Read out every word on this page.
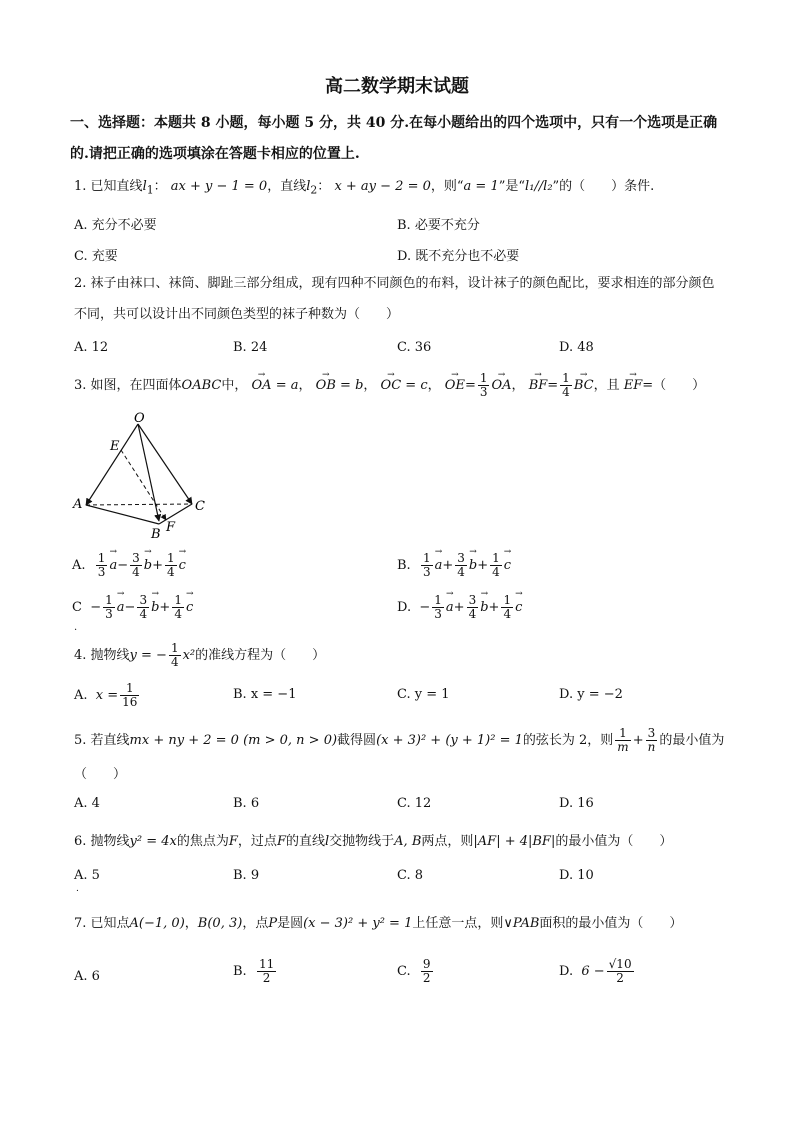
高二数学期末试题
一、选择题：本题共 8 小题，每小题 5 分，共 40 分.在每小题给出的四个选项中，只有一个选项是正确的.请把正确的选项填涂在答题卡相应的位置上.
1. 已知直线$l_1$： ax + y − 1 = 0，直线$l_2$： x + ay − 2 = 0，则“a = 1”是“l₁//l₂”的（　　）条件.
A. 充分不必要	B. 必要不充分
C. 充要	D. 既不充分也不必要
2. 袜子由袜口、袜筒、脚趾三部分组成，现有四种不同颜色的布料，设计袜子的颜色配比，要求相连的部分颜色不同，共可以设计出不同颜色类型的袜子种数为（　　）
A. 12	B. 24	C. 36	D. 48
3. 如图，在四面体OABC中， → OA = a， → OB = b， → OC = c， → $OE= \frac{1}{3}$
→ OA， → $BF= \frac{1}{4}$
→ BC，且 → EF=（　　）
O
E
A
B
C
F
A. $\frac{1}{3}$
→ $a- \frac{3}{4}$
→ $b+ \frac{1}{4}$
→ c	B. $\frac{1}{3}$
→ $a+ \frac{3}{4}$
→ $b+ \frac{1}{4}$
→ c
$C - \frac{1}{3}$
→ $a- \frac{3}{4}$
→ $b+ \frac{1}{4}$
→ c
.
D.  − $\frac{1}{3}$
→ $a+ \frac{3}{4}$
→ $b+ \frac{1}{4}$
→ c
4. 抛物线y = − $\frac{1}{4} x^2$的准线方程为（　　）
A. $x = \frac{1}{16}$	B. x = −1	C. y = 1	D. y = −2
5. 若直线mx + ny + 2 = 0 (m > 0, n > 0)截得圆(x + 3)² + (y + 1)² = 1的弦长为 2，则 $\frac{1}{m} + \frac{3}{n}$ 的最小值为
（　　）
A. 4	B. 6	C. 12	D. 16
6. 抛物线y² = 4x的焦点为F，过点F的直线l交抛物线于A, B两点，则|AF| + 4|BF|的最小值为（　　）
A. 5
.
B. 9	C. 8	D. 10
7. 已知点A(−1, 0)，B(0, 3)，点P是圆(x − 3)² + y² = 1上任意一点，则∨PAB面积的最小值为（　　）
A. 6	B. $\frac{11}{2}$	C. $\frac{9}{2}$	D. $6 - \frac{√10}{2}$
